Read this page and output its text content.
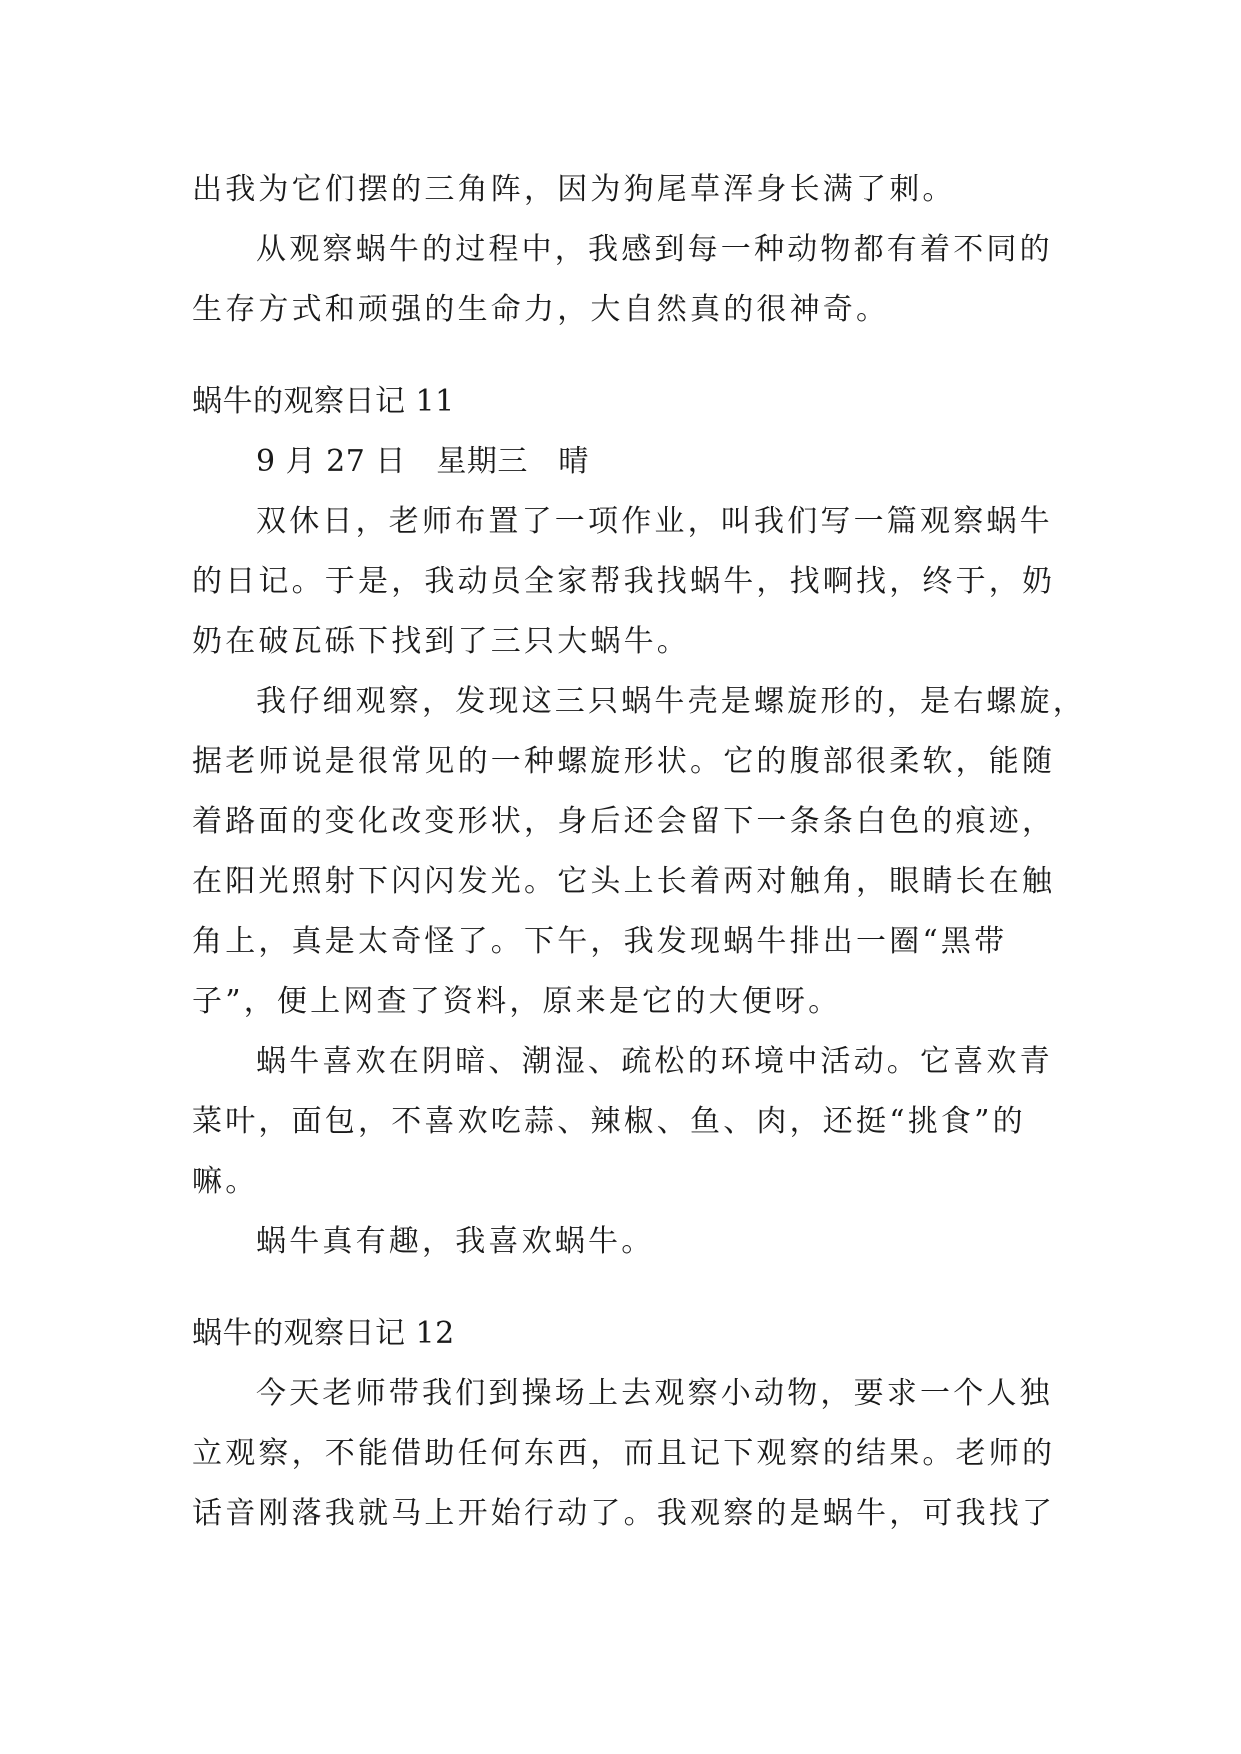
出我为它们摆的三角阵，因为狗尾草浑身长满了刺。
从观察蜗牛的过程中，我感到每一种动物都有着不同的
生存方式和顽强的生命力，大自然真的很神奇。
蜗牛的观察日记 11
9 月 27 日　星期三　晴
双休日，老师布置了一项作业，叫我们写一篇观察蜗牛
的日记。于是，我动员全家帮我找蜗牛，找啊找，终于，奶
奶在破瓦砾下找到了三只大蜗牛。
我仔细观察，发现这三只蜗牛壳是螺旋形的，是右螺旋，
据老师说是很常见的一种螺旋形状。它的腹部很柔软，能随
着路面的变化改变形状，身后还会留下一条条白色的痕迹，
在阳光照射下闪闪发光。它头上长着两对触角，眼睛长在触
角上，真是太奇怪了。下午，我发现蜗牛排出一圈“黑带
子”，便上网查了资料，原来是它的大便呀。
蜗牛喜欢在阴暗、潮湿、疏松的环境中活动。它喜欢青
菜叶，面包，不喜欢吃蒜、辣椒、鱼、肉，还挺“挑食”的
嘛。
蜗牛真有趣，我喜欢蜗牛。
蜗牛的观察日记 12
今天老师带我们到操场上去观察小动物，要求一个人独
立观察，不能借助任何东西，而且记下观察的结果。老师的
话音刚落我就马上开始行动了。我观察的是蜗牛，可我找了
